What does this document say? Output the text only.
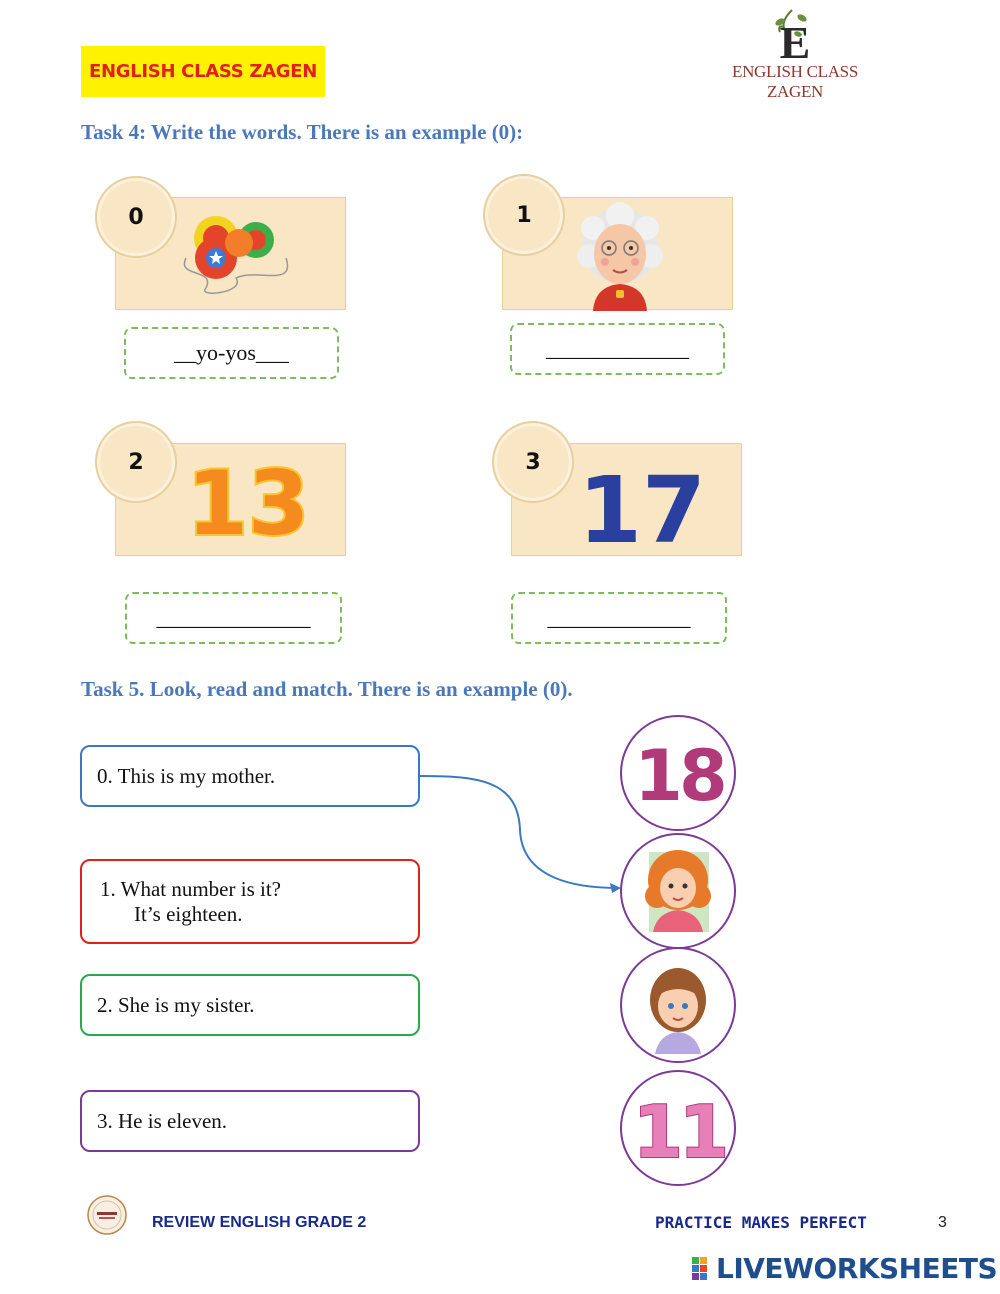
ENGLISH CLASS ZAGEN
E
ENGLISH CLASS ZAGEN
Task 4: Write the words. There is an example (0):
0
__yo-yos___
1
_____________
13
2
______________
17
3
_____________
Task 5. Look, read and match. There is an example (0).
0. This is my mother.
1. What number is it?
It’s eighteen.
2. She is my sister.
3. He is eleven.
18
11
REVIEW ENGLISH GRADE 2	PRACTICE MAKES PERFECT	3
LIVEWORKSHEETS
